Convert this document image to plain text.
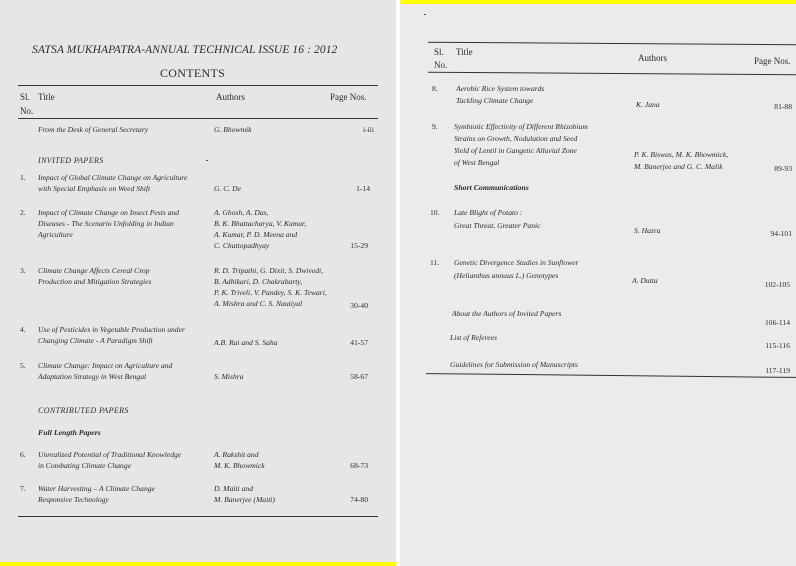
SATSA MUKHAPATRA-ANNUAL TECHNICAL ISSUE 16 : 2012
CONTENTS
Sl.
No.
Title	Authors	Page Nos.
From the Desk of General Secretary	G. Bhowmik	i-iii
INVITED PAPERS
1. Impact of Global Climate Change on Agriculture
with Special Emphasis on Weed Shift	G. C. De	1-14
2. Impact of Climate Change on Insect Pests and
Diseases - The Scenario Unfolding in Indian
Agriculture
A. Ghosh, A. Das,
B. K. Bhattacharya, V. Kumar,
A. Kumar, P. D. Meena and
C. Chattopadhyay	15-29
3. Climate Change Affects Cereal Crop
Production and Mitigation Strategies
R. D. Tripathi, G. Dixit, S. Dwivedi,
B. Adhikari, D. Chakrabarty,
P. K. Triveli, V. Pandey, S. K. Tewari,
A. Mishra and C. S. Nautiyal	30-40
4. Use of Pesticides in Vegetable Production under
Changing Climate - A Paradigm Shift	A.B. Rai and S. Saha	41-57
5. Climate Change: Impact on Agriculture and
Adaptation Strategy in West Bengal	S. Mishra	58-67
CONTRIBUTED PAPERS
Full Length Papers
6. Unrealized Potential of Traditional Knowledge
in Combating Climate Change
A. Rakshit and
M. K. Bhowmick	68-73
7. Water Harvesting – A Climate Change
Responsive Technology
D. Maiti and
M. Banerjee (Maiti)	74-80
Sl.
No.
Title
Authors	Page Nos.
8. Aerobic Rice System towards
Tackling Climate Change	K. Jana	81-88
9. Symbiotic Effectivity of Different Rhizobium
Strains on Growth, Nodulation and Seed
Yield of Lentil in Gangetic Alluvial Zone
of West Bengal
P. K. Biswas, M. K. Bhowmick,
M. Banerjee and G. C. Malik	89-93
Short Communications
10. Late Blight of Potato :
Great Threat, Greater Panic
S. Hazra	94-101
11. Genetic Divergence Studies in Sunflower
(Helianthus annuus L.) Genotypes
A. Dutta	102-105
About the Authors of Invited Papers
106-114
List of Referees
115-116
Guidelines for Submission of Manuscripts
117-119
